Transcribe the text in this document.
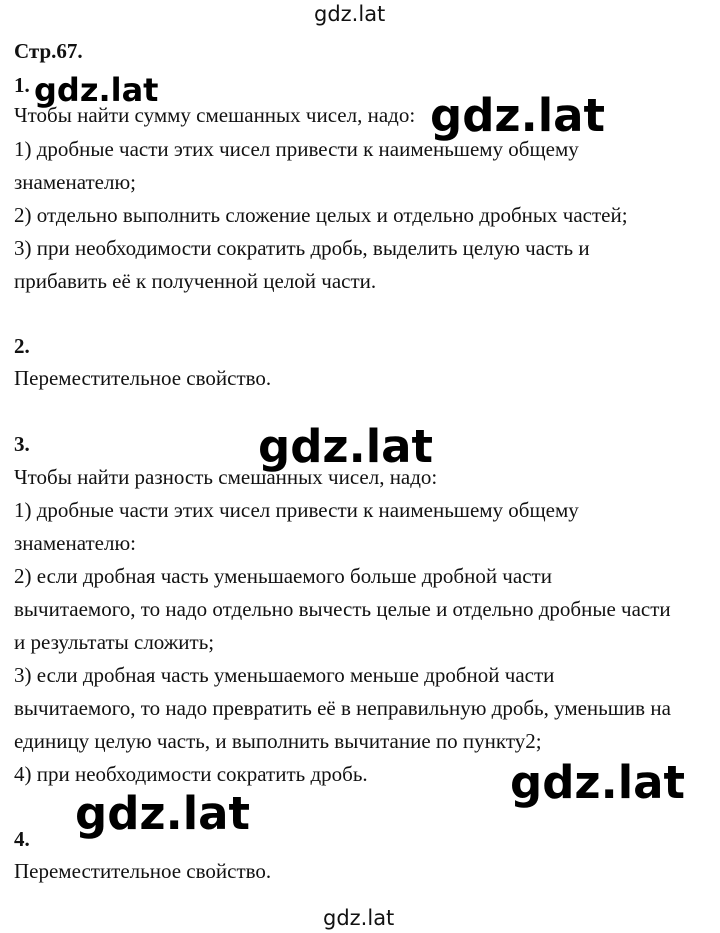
gdz.lat
Стр.67.
1.
Чтобы найти сумму смешанных чисел, надо:
1) дробные части этих чисел привести к наименьшему общему
знаменателю;
2) отдельно выполнить сложение целых и отдельно дробных частей;
3) при необходимости сократить дробь, выделить целую часть и
прибавить её к полученной целой части.
2.
Переместительное свойство.
3.
Чтобы найти разность смешанных чисел, надо:
1) дробные части этих чисел привести к наименьшему общему
знаменателю:
2) если дробная часть уменьшаемого больше дробной части
вычитаемого, то надо отдельно вычесть целые и отдельно дробные части
и результаты сложить;
3) если дробная часть уменьшаемого меньше дробной части
вычитаемого, то надо превратить её в неправильную дробь, уменьшив на
единицу целую часть, и выполнить вычитание по пункту2;
4) при необходимости сократить дробь.
4.
Переместительное свойство.
gdz.lat	gdz.lat
gdz.lat
gdz.lat
gdz.lat
gdz.lat
